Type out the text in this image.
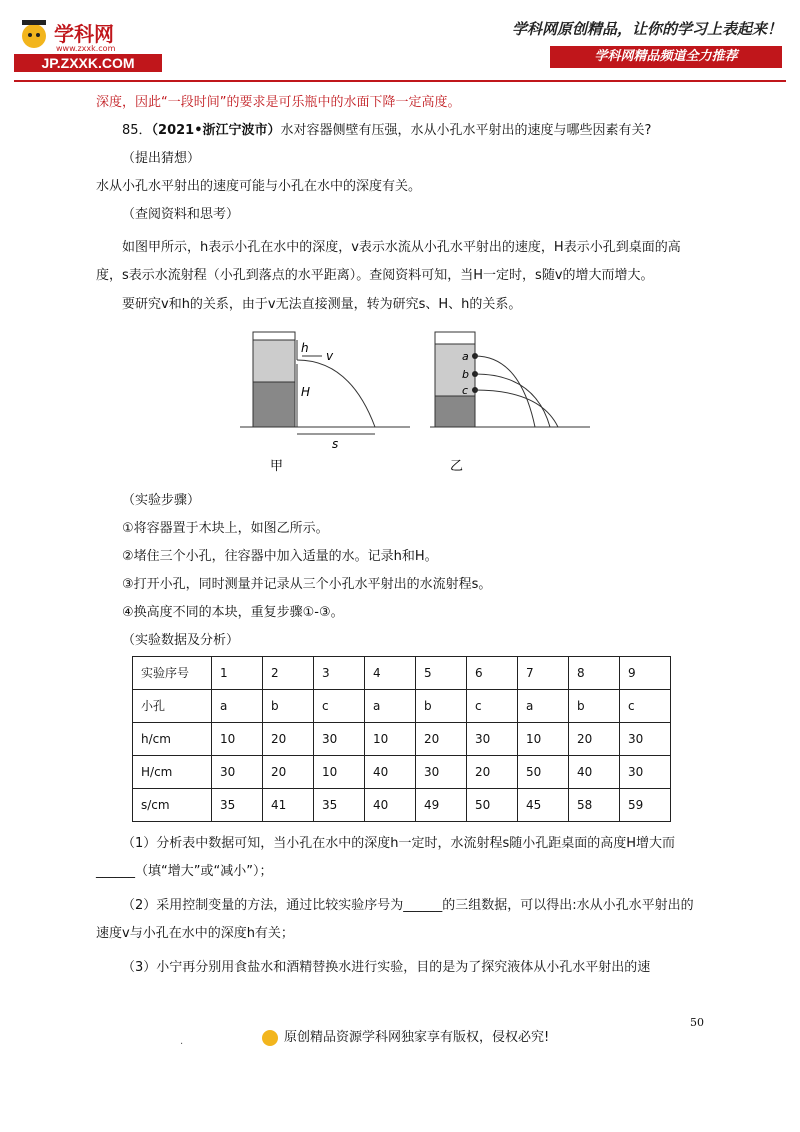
学科网
www.zxxk.com
JP.ZXXK.COM
学科网原创精品，让你的学习上表起来！
学科网精品频道全力推荐

深度，因此“一段时间”的要求是可乐瓶中的水面下降一定高度。

85．（2021•浙江宁波市）水对容器侧壁有压强，水从小孔水平射出的速度与哪些因素有关?

（提出猜想）

水从小孔水平射出的速度可能与小孔在水中的深度有关。

（查阅资料和思考）

如图甲所示，h表示小孔在水中的深度，v表示水流从小孔水平射出的速度，H表示小孔到桌面的高度，s表示水流射程（小孔到落点的水平距离）。查阅资料可知，当H一定时，s随v的增大而增大。

要研究v和h的关系，由于v无法直接测量，转为研究s、H、h的关系。

h
v
H
s
甲
a
b
c
乙

（实验步骤）

①将容器置于木块上，如图乙所示。

②堵住三个小孔，往容器中加入适量的水。记录h和H。

③打开小孔，同时测量并记录从三个小孔水平射出的水流射程s。

④换高度不同的本块，重复步骤①-③。

（实验数据及分析）

实验序号	1	2	3	4	5	6	7	8	9
小孔	a	b	c	a	b	c	a	b	c
h/cm	10	20	30	10	20	30	10	20	30
H/cm	30	20	10	40	30	20	50	40	30
s/cm	35	41	35	40	49	50	45	58	59

（1）分析表中数据可知，当小孔在水中的深度h一定时，水流射程s随小孔距桌面的高度H增大而______（填“增大”或“减小”）；

（2）采用控制变量的方法，通过比较实验序号为______的三组数据，可以得出:水从小孔水平射出的速度v与小孔在水中的深度h有关；

（3）小宁再分别用食盐水和酒精替换水进行实验，目的是为了探究液体从小孔水平射出的速

50
.	原创精品资源学科网独家享有版权，侵权必究!
